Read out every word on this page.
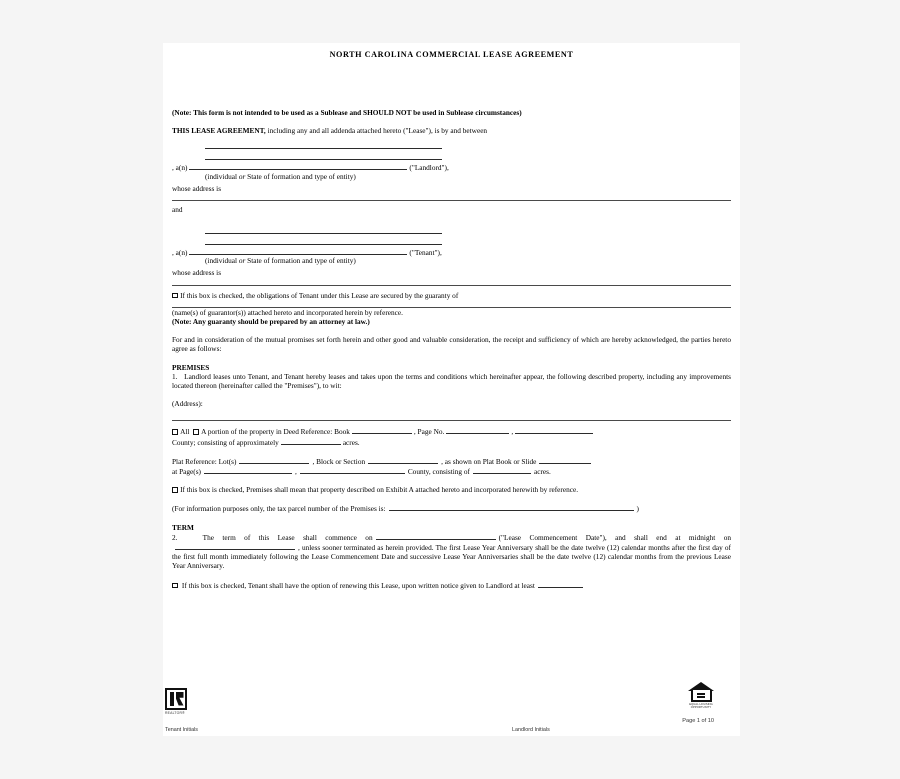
NORTH CAROLINA COMMERCIAL LEASE AGREEMENT
(Note: This form is not intended to be used as a Sublease and SHOULD NOT be used in Sublease circumstances)
THIS LEASE AGREEMENT, including any and all addenda attached hereto ("Lease"), is by and between
, a(n)	("Landlord"),
(individual or State of formation and type of entity)
whose address is
and
, a(n)	("Tenant"),
(individual or State of formation and type of entity)
whose address is
If this box is checked, the obligations of Tenant under this Lease are secured by the guaranty of
(name(s) of guarantor(s)) attached hereto and incorporated herein by reference.
(Note: Any guaranty should be prepared by an attorney at law.)
For and in consideration of the mutual promises set forth herein and other good and valuable consideration, the receipt and sufficiency of which are hereby acknowledged, the parties hereto agree as follows:
PREMISES
1. Landlord leases unto Tenant, and Tenant hereby leases and takes upon the terms and conditions which hereinafter appear, the following described property, including any improvements located thereon (hereinafter called the "Premises"), to wit:
(Address):
All A portion of the property in Deed Reference: Book	, Page No.	,
County; consisting of approximately	acres.
Plat Reference: Lot(s)	, Block or Section	, as shown on Plat Book or Slide
at Page(s)	,	County, consisting of	acres.
If this box is checked, Premises shall mean that property described on Exhibit A attached hereto and incorporated herewith by reference.
(For information purposes only, the tax parcel number of the Premises is:	)
TERM
2.	The term of this Lease shall commence on	("Lease Commencement Date"), and shall end at midnight on, unless sooner terminated as herein provided. The first Lease Year Anniversary shall be the date twelve (12) calendar months after the first day of the first full month immediately following the Lease Commencement Date and successive Lease Year Anniversaries shall be the date twelve (12) calendar months from the previous Lease Year Anniversary.
If this box is checked, Tenant shall have the option of renewing this Lease, upon written notice given to Landlord at least
REALTOR®
EQUAL HOUSING
OPPORTUNITY
Page 1 of 10
Tenant Initials	Landlord Initials
